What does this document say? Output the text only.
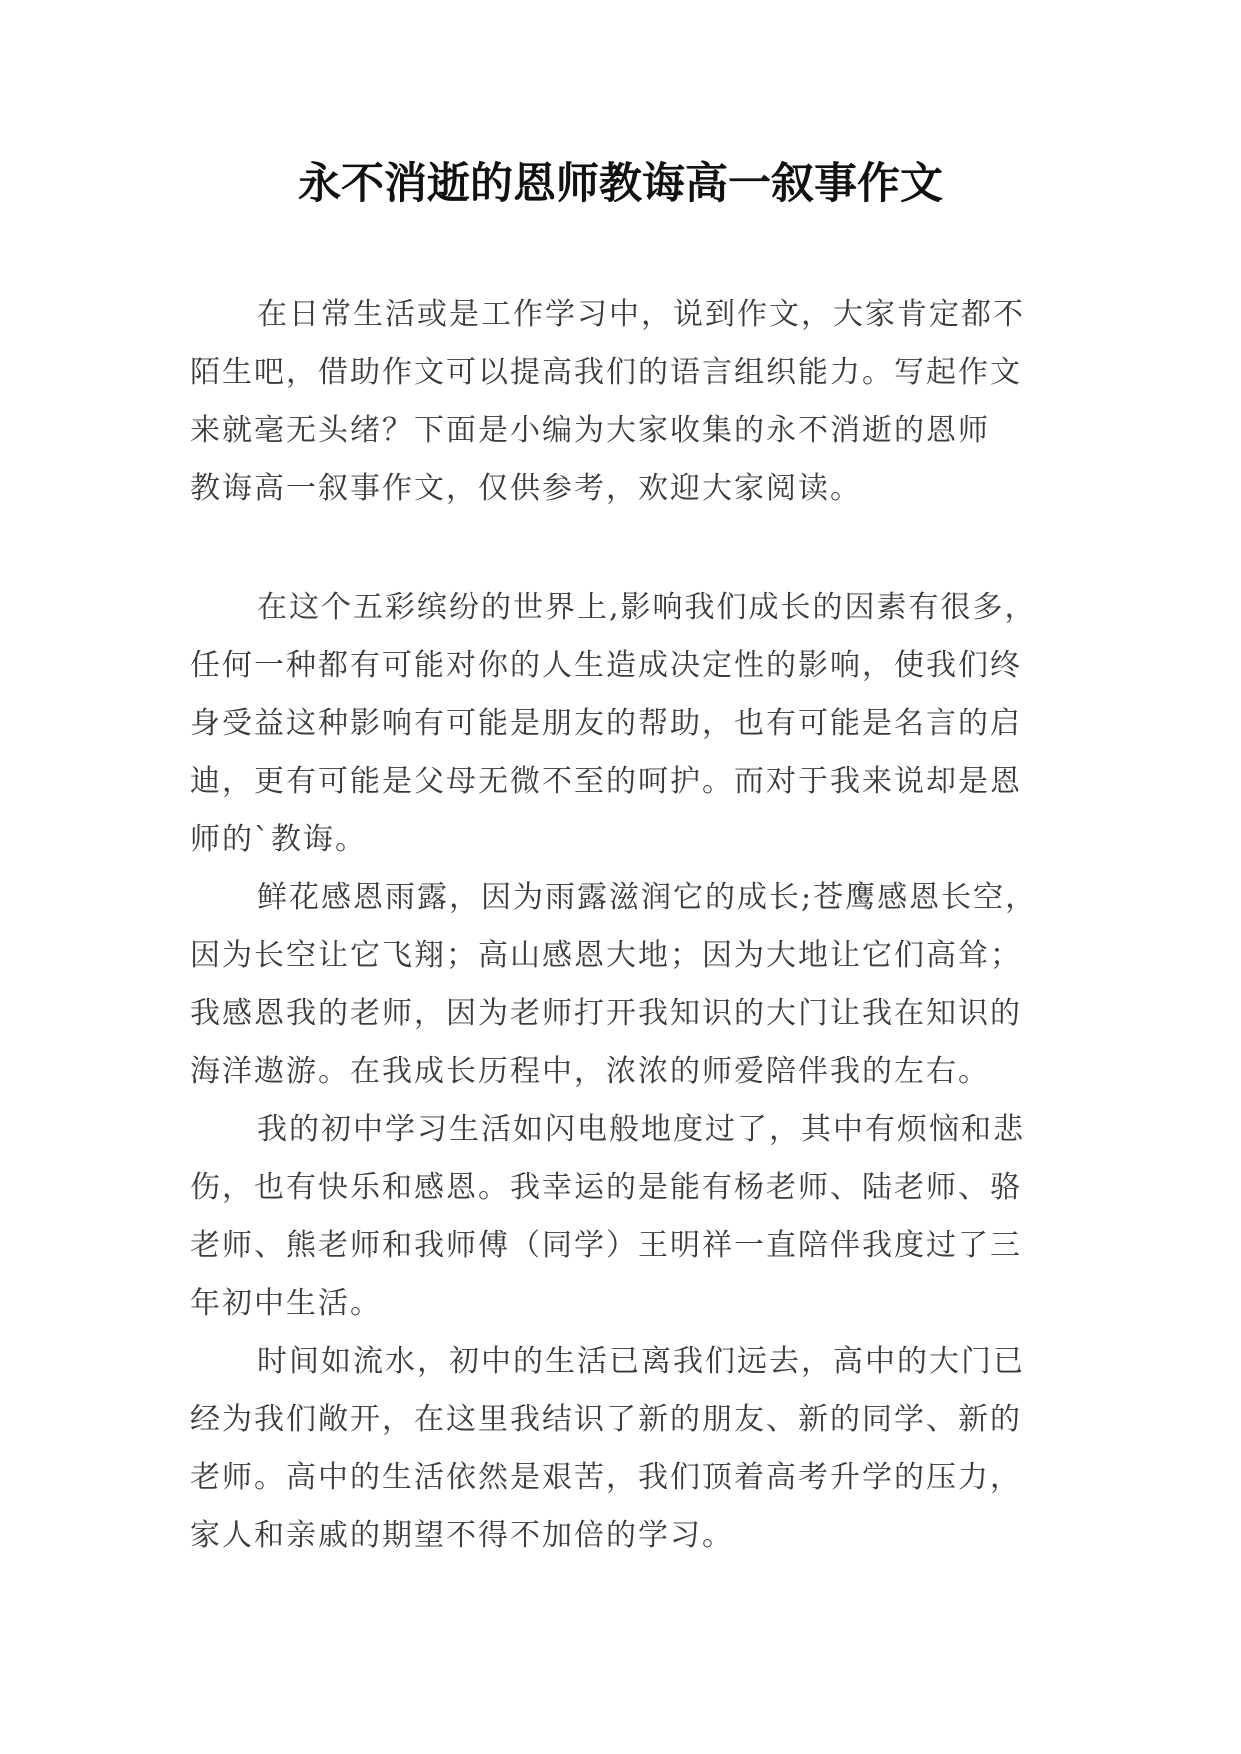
永不消逝的恩师教诲高一叙事作文
在日常生活或是工作学习中，说到作文，大家肯定都不
陌生吧，借助作文可以提高我们的语言组织能力。写起作文
来就毫无头绪？下面是小编为大家收集的永不消逝的恩师
教诲高一叙事作文，仅供参考，欢迎大家阅读。
在这个五彩缤纷的世界上,影响我们成长的因素有很多，
任何一种都有可能对你的人生造成决定性的影响，使我们终
身受益这种影响有可能是朋友的帮助，也有可能是名言的启
迪，更有可能是父母无微不至的呵护。而对于我来说却是恩
师的`教诲。
鲜花感恩雨露，因为雨露滋润它的成长;苍鹰感恩长空，
因为长空让它飞翔；高山感恩大地；因为大地让它们高耸；
我感恩我的老师，因为老师打开我知识的大门让我在知识的
海洋遨游。在我成长历程中，浓浓的师爱陪伴我的左右。
我的初中学习生活如闪电般地度过了，其中有烦恼和悲
伤，也有快乐和感恩。我幸运的是能有杨老师、陆老师、骆
老师、熊老师和我师傅（同学）王明祥一直陪伴我度过了三
年初中生活。
时间如流水，初中的生活已离我们远去，高中的大门已
经为我们敞开，在这里我结识了新的朋友、新的同学、新的
老师。高中的生活依然是艰苦，我们顶着高考升学的压力，
家人和亲戚的期望不得不加倍的学习。
